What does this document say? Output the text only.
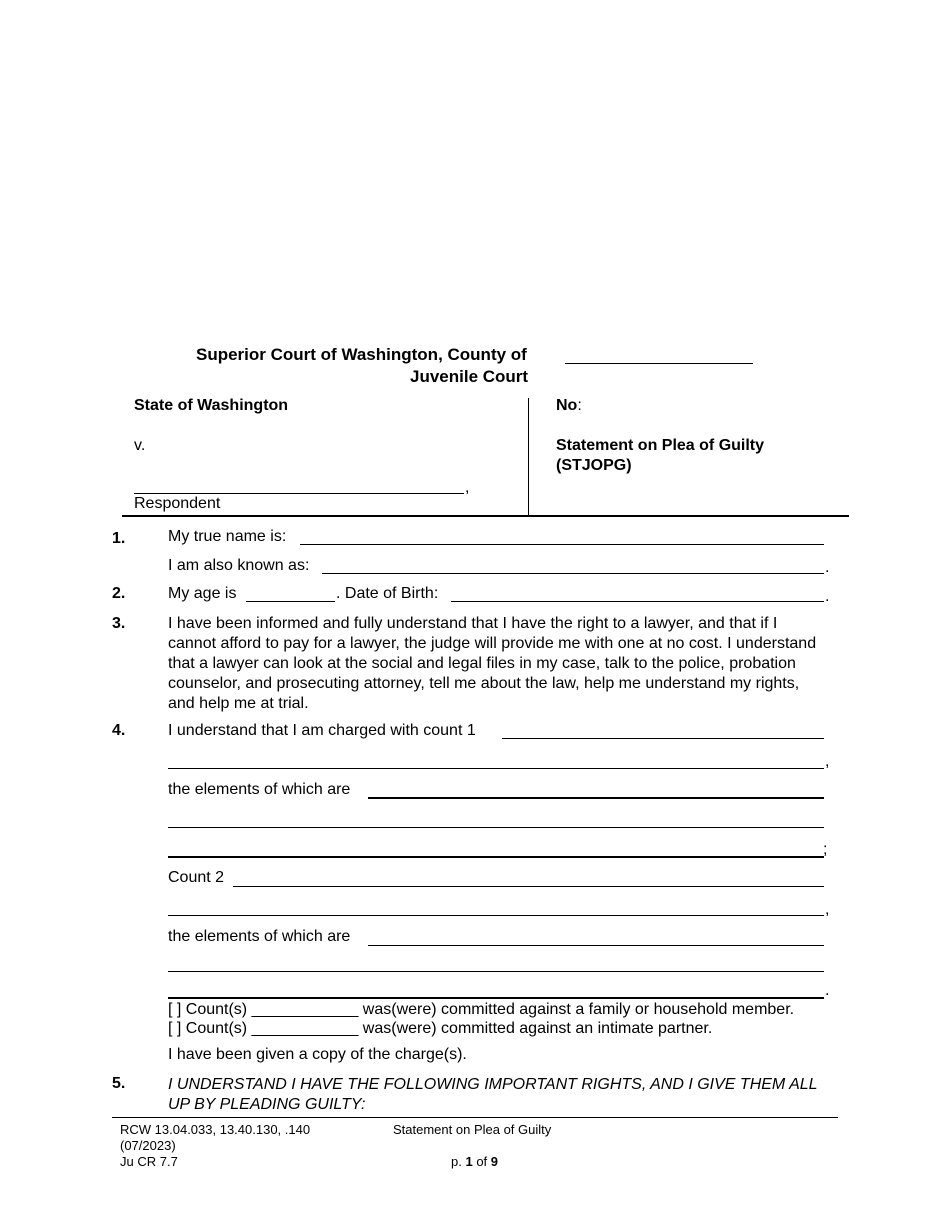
Superior Court of Washington, County of
Juvenile Court
State of Washington
v.
,
Respondent
No:
Statement on Plea of Guilty
(STJOPG)
1.	My true name is:
I am also known as:	.
2.	My age is	. Date of Birth:	.
3.	I have been informed and fully understand that I have the right to a lawyer, and that if I cannot afford to pay for a lawyer, the judge will provide me with one at no cost. I understand that a lawyer can look at the social and legal files in my case, talk to the police, probation counselor, and prosecuting attorney, tell me about the law, help me understand my rights, and help me at trial.
4.	I understand that I am charged with count 1
,
the elements of which are
;
Count 2
,
the elements of which are
.
[ ] Count(s) ____________ was(were) committed against a family or household member.
[ ] Count(s) ____________ was(were) committed against an intimate partner.
I have been given a copy of the charge(s).
5.	I UNDERSTAND I HAVE THE FOLLOWING IMPORTANT RIGHTS, AND I GIVE THEM ALL UP BY PLEADING GUILTY:
RCW 13.04.033, 13.40.130, .140
(07/2023)
Ju CR 7.7
Statement on Plea of Guilty
p. 1 of 9
